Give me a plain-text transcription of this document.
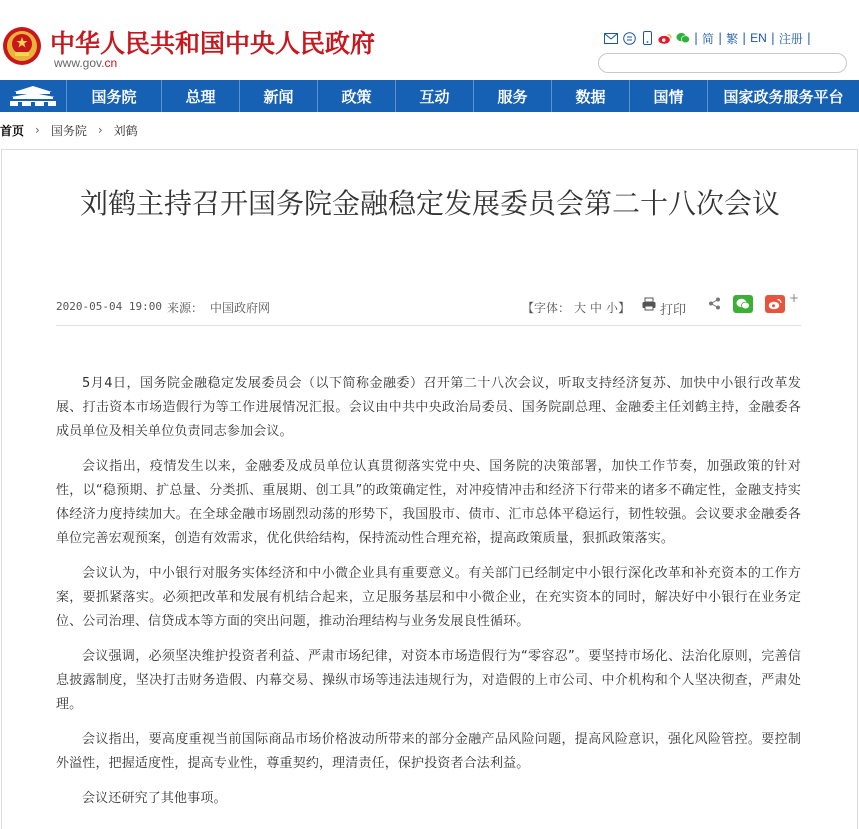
中华人民共和国中央人民政府
www.gov.cn
| 简 | 繁 | EN | 注册 |
国务院	总理	新闻	政策	互动	服务	数据	国情	国家政务服务平台
首页 › 国务院 › 刘鹤
刘鹤主持召开国务院金融稳定发展委员会第二十八次会议
2020-05-04 19:00 来源： 中国政府网	【字体： 大 中 小】 打印
+

5月4日，国务院金融稳定发展委员会（以下简称金融委）召开第二十八次会议，听取支持经济复苏、加快中小银行改革发展、打击资本市场造假行为等工作进展情况汇报。会议由中共中央政治局委员、国务院副总理、金融委主任刘鹤主持，金融委各成员单位及相关单位负责同志参加会议。

会议指出，疫情发生以来，金融委及成员单位认真贯彻落实党中央、国务院的决策部署，加快工作节奏，加强政策的针对性，以“稳预期、扩总量、分类抓、重展期、创工具”的政策确定性，对冲疫情冲击和经济下行带来的诸多不确定性，金融支持实体经济力度持续加大。在全球金融市场剧烈动荡的形势下，我国股市、债市、汇市总体平稳运行，韧性较强。会议要求金融委各单位完善宏观预案，创造有效需求，优化供给结构，保持流动性合理充裕，提高政策质量，狠抓政策落实。

会议认为，中小银行对服务实体经济和中小微企业具有重要意义。有关部门已经制定中小银行深化改革和补充资本的工作方案，要抓紧落实。必须把改革和发展有机结合起来，立足服务基层和中小微企业，在充实资本的同时，解决好中小银行在业务定位、公司治理、信贷成本等方面的突出问题，推动治理结构与业务发展良性循环。

会议强调，必须坚决维护投资者利益、严肃市场纪律，对资本市场造假行为“零容忍”。要坚持市场化、法治化原则，完善信息披露制度，坚决打击财务造假、内幕交易、操纵市场等违法违规行为，对造假的上市公司、中介机构和个人坚决彻查，严肃处理。

会议指出，要高度重视当前国际商品市场价格波动所带来的部分金融产品风险问题，提高风险意识，强化风险管控。要控制外溢性，把握适度性，提高专业性，尊重契约，理清责任，保护投资者合法利益。

会议还研究了其他事项。
